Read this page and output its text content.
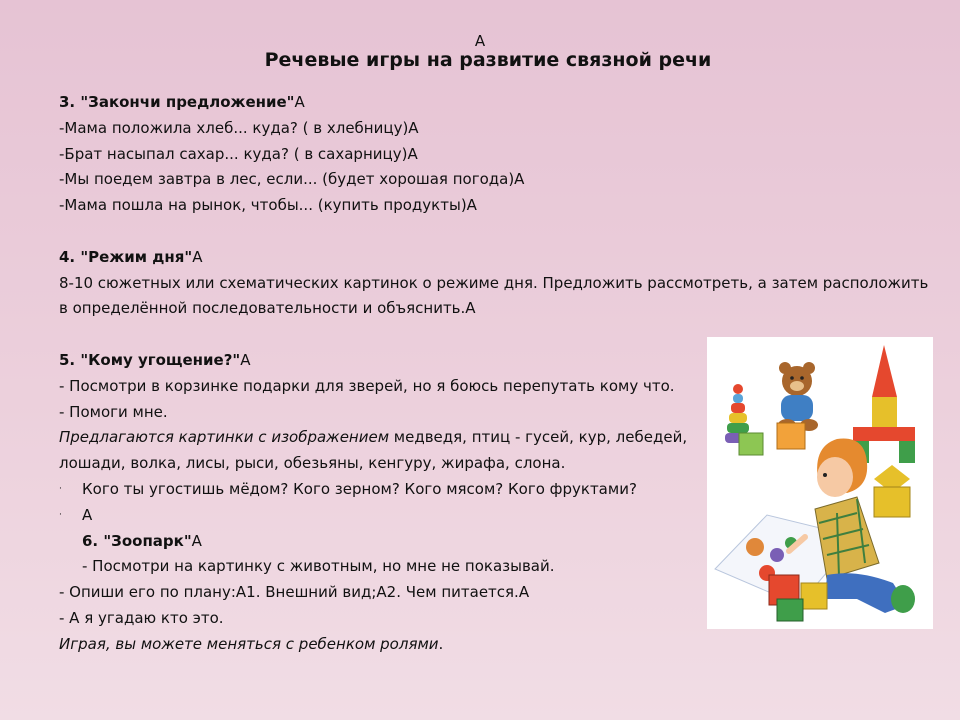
A
Речевые игры на развитие связной речи
3. "Закончи предложение"A
-Мама положила хлеб... куда? ( в хлебницу)A
-Брат насыпал сахар... куда? ( в сахарницу)A
-Мы поедем завтра в лес, если... (будет хорошая погода)A
-Мама пошла на рынок, чтобы... (купить продукты)A
4. "Режим дня"A
8-10 сюжетных или схематических картинок о режиме дня. Предложить рассмотреть, а затем расположить
в определённой последовательности и объяснить.A
5. "Кому угощение?"A
- Посмотри в корзинке подарки для зверей, но я боюсь перепутать кому что.
- Помоги мне.
Предлагаются картинки с изображением медведя, птиц - гусей, кур, лебедей,
лошади, волка, лисы, рыси, обезьяны, кенгуру, жирафа, слона.
· Кого ты угостишь мёдом? Кого зерном? Кого мясом? Кого фруктами?
· A
6. "Зоопарк"A
- Посмотри на картинку с животным, но мне не показывай.
- Опиши его по плану:A1. Внешний вид;A2. Чем питается.A
- А я угадаю кто это.
Играя, вы можете меняться с ребенком ролями.
